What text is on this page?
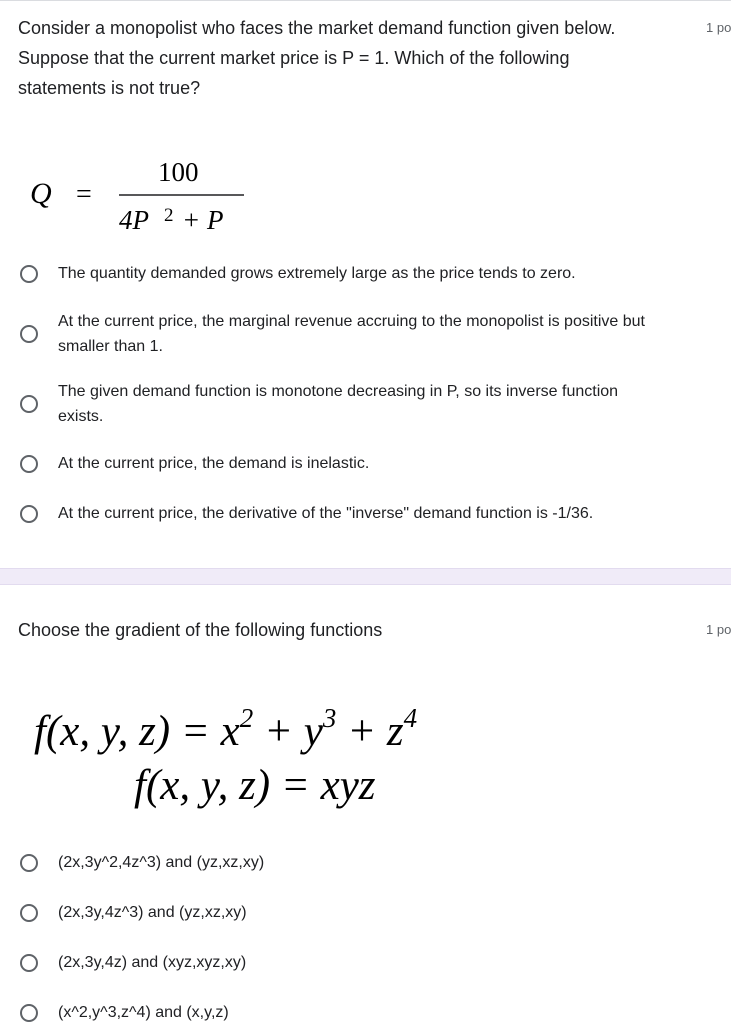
Consider a monopolist who faces the market demand function given below.
Suppose that the current market price is P = 1. Which of the following
statements is not true?
1 po
Q =
100
4P 2 + P
The quantity demanded grows extremely large as the price tends to zero.
At the current price, the marginal revenue accruing to the monopolist is positive but
smaller than 1.
The given demand function is monotone decreasing in P, so its inverse function
exists.
At the current price, the demand is inelastic.
At the current price, the derivative of the "inverse" demand function is -1/36.
Choose the gradient of the following functions	1 po
f(x, y, $z) = x^2 + y^3 + z^4$
f(x, y, z) = xyz
(2x,3y^2,4z^3) and (yz,xz,xy)
(2x,3y,4z^3) and (yz,xz,xy)
(2x,3y,4z) and (xyz,xyz,xy)
(x^2,y^3,z^4) and (x,y,z)
